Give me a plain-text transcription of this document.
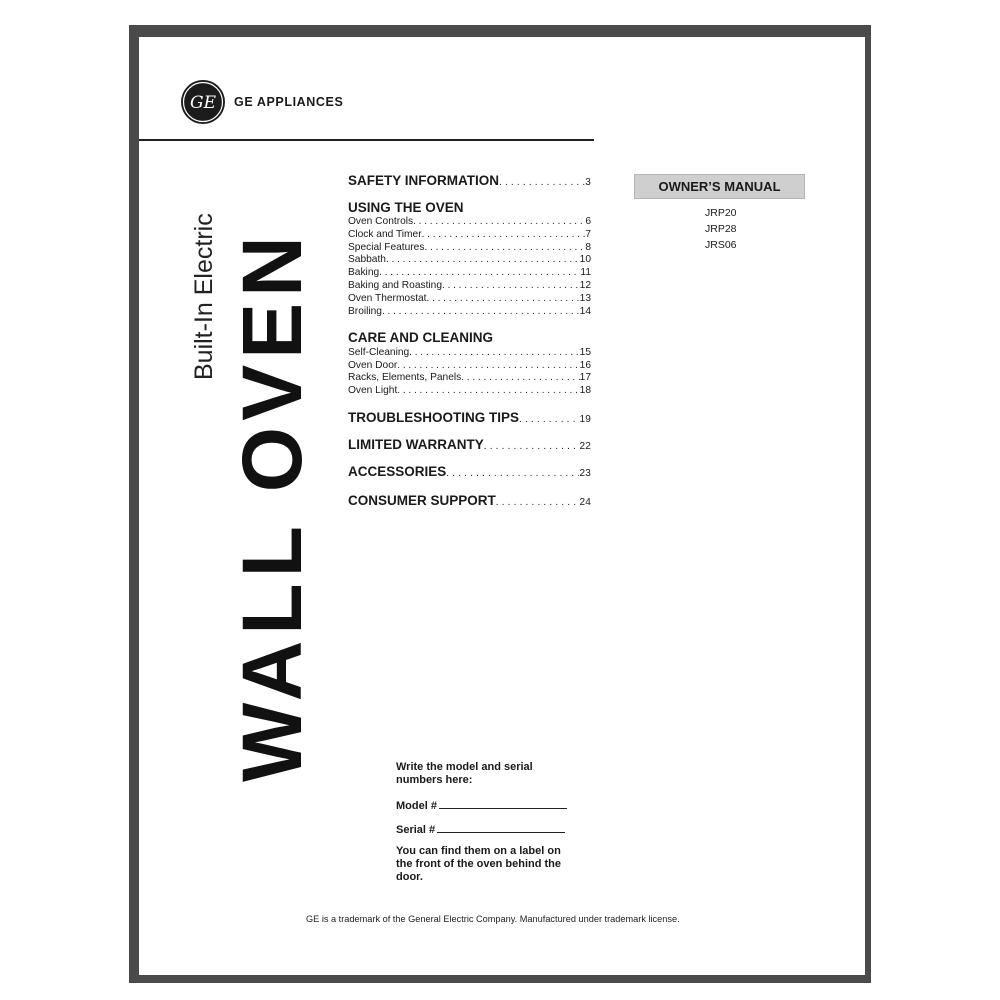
GE GE APPLIANCES
Built-In Electric WALL OVEN
SAFETY INFORMATION . . .	3
USING THE OVEN
Oven Controls . . .	6
Clock and Timer . . .	7
Special Features . . .	8
Sabbath . . .	10
Baking . . .	11
Baking and Roasting . . .	12
Oven Thermostat . . .	13
Broiling . . .	14
CARE AND CLEANING
Self-Cleaning . . .	15
Oven Door . . .	16
Racks, Elements, Panels . . .	17
Oven Light . . .	18
TROUBLESHOOTING TIPS . . .	19
LIMITED WARRANTY . . .	22
ACCESSORIES . . .	23
CONSUMER SUPPORT . . .	24
OWNER’S MANUAL
JRP20
JRP28
JRS06
Write the model and serial
numbers here:
Model #
Serial #
You can find them on a label on
the front of the oven behind the
door.
GE is a trademark of the General Electric Company. Manufactured under trademark license.
